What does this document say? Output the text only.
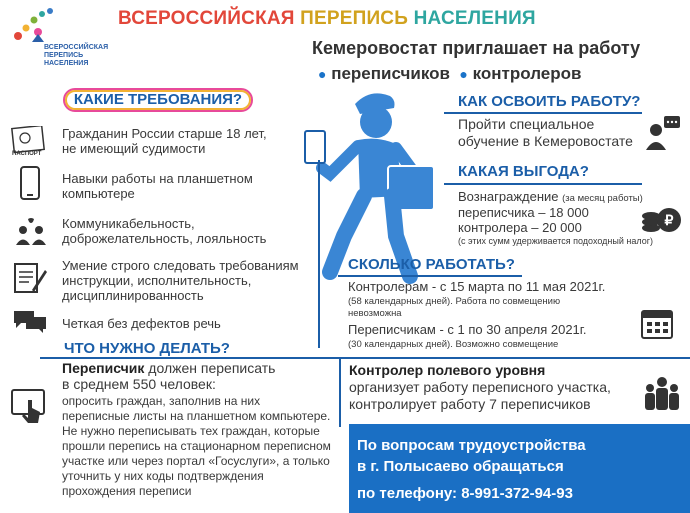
ВСЕРОССИЙСКАЯ ПЕРЕПИСЬ НАСЕЛЕНИЯ
ВСЕРОССИЙСКАЯ ПЕРЕПИСЬ НАСЕЛЕНИЯ
Кемеровостат приглашает на работу
● переписчиков ● контролеров
КАКИЕ ТРЕБОВАНИЯ?
ПАСПОРТ
Гражданин России старше 18 лет,
не имеющий судимости
Навыки работы на планшетном
компьютере
Коммуникабельность,
доброжелательность, лояльность
Умение строго следовать требованиям
инструкции, исполнительность,
дисциплинированность
Четкая без дефектов речь
КАК ОСВОИТЬ РАБОТУ?
Пройти специальное
обучение в Кемеровостате
КАКАЯ ВЫГОДА?
Вознаграждение (за месяц работы)
переписчика – 18 000
контролера – 20 000
(с этих сумм удерживается подоходный налог)
₽
СКОЛЬКО РАБОТАТЬ?
Контролерам - с 15 марта по 11 мая 2021г.
(58 календарных дней). Работа по совмещению
невозможна
Переписчикам - с 1 по 30 апреля 2021г.
(30 календарных дней). Возможно совмещение
ЧТО НУЖНО ДЕЛАТЬ?
Переписчик должен переписать
в среднем 550 человек:
опросить граждан, заполнив на них
переписные листы на планшетном компьютере.
Не нужно переписывать тех граждан, которые
прошли перепись на стационарном переписном
участке или через портал «Госуслуги», а только
уточнить у них коды подтверждения
прохождения переписи
Контролер полевого уровня
организует работу переписного участка,
контролирует работу 7 переписчиков
По вопросам трудоустройства
в г. Полысаево обращаться
по телефону: 8-991-372-94-93
